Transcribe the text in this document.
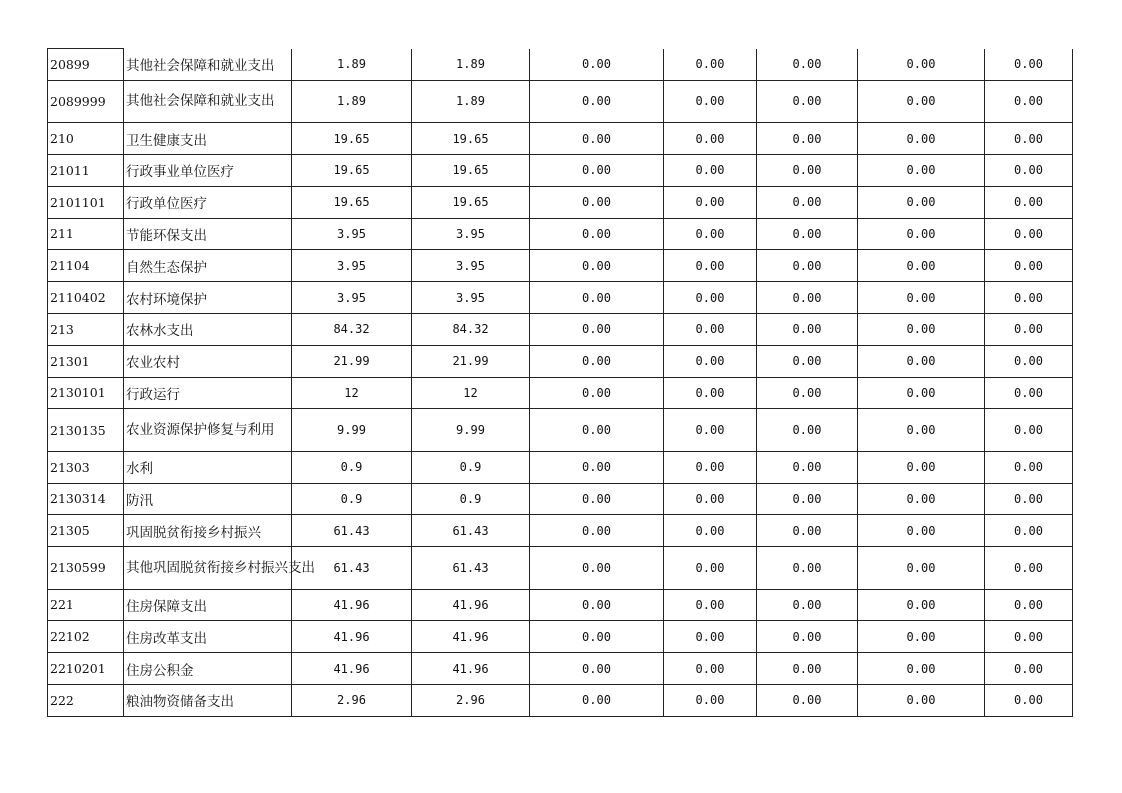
20899	其他社会保障和就业支出	1.89	1.89	0.00	0.00	0.00	0.00	0.00
2089999	其他社会保障和就业支出	1.89	1.89	0.00	0.00	0.00	0.00	0.00
210	卫生健康支出	19.65	19.65	0.00	0.00	0.00	0.00	0.00
21011	行政事业单位医疗	19.65	19.65	0.00	0.00	0.00	0.00	0.00
2101101	行政单位医疗	19.65	19.65	0.00	0.00	0.00	0.00	0.00
211	节能环保支出	3.95	3.95	0.00	0.00	0.00	0.00	0.00
21104	自然生态保护	3.95	3.95	0.00	0.00	0.00	0.00	0.00
2110402	农村环境保护	3.95	3.95	0.00	0.00	0.00	0.00	0.00
213	农林水支出	84.32	84.32	0.00	0.00	0.00	0.00	0.00
21301	农业农村	21.99	21.99	0.00	0.00	0.00	0.00	0.00
2130101	行政运行	12	12	0.00	0.00	0.00	0.00	0.00
2130135	农业资源保护修复与利用	9.99	9.99	0.00	0.00	0.00	0.00	0.00
21303	水利	0.9	0.9	0.00	0.00	0.00	0.00	0.00
2130314	防汛	0.9	0.9	0.00	0.00	0.00	0.00	0.00
21305	巩固脱贫衔接乡村振兴	61.43	61.43	0.00	0.00	0.00	0.00	0.00
2130599	其他巩固脱贫衔接乡村振兴支出	61.43	61.43	0.00	0.00	0.00	0.00	0.00
221	住房保障支出	41.96	41.96	0.00	0.00	0.00	0.00	0.00
22102	住房改革支出	41.96	41.96	0.00	0.00	0.00	0.00	0.00
2210201	住房公积金	41.96	41.96	0.00	0.00	0.00	0.00	0.00
222	粮油物资储备支出	2.96	2.96	0.00	0.00	0.00	0.00	0.00
